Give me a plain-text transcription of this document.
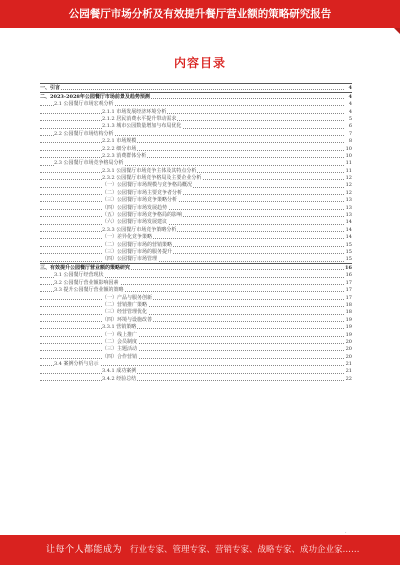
公园餐厅市场分析及有效提升餐厅营业额的策略研究报告
内容目录
一、引言	4
二、2023-2028年公园餐厅市场前景及趋势预测	4
2.1 公园餐厅市场宏观分析	4
2.1.1 市场发展经济环境分析	4
2.1.2 居民消费水平提升带动需求	5
2.1.3 城市公园数量增加与布局优化	6
2.2 公园餐厅市场结构分析	7
2.2.1 市场规模	8
2.2.2 细分市场	10
2.2.3 消费群体分析	10
2.3 公园餐厅市场竞争格局分析	11
2.3.1 公园餐厅市场竞争主体及其特点分析	11
2.3.2 公园餐厅市场竞争格局及主要企业分析	12
（一）公园餐厅市场规模与竞争格局概况	12
（二）公园餐厅市场主要竞争者分析	12
（三）公园餐厅市场竞争策略分析	13
（四）公园餐厅市场发展趋势	13
（五）公园餐厅市场竞争格局的影响	13
（六）公园餐厅市场发展建议	14
2.3.3 公园餐厅市场竞争策略分析	14
（一）差异化竞争策略	14
（二）公园餐厅市场的营销策略	15
（三）公园餐厅市场的服务提升	15
（四）公园餐厅市场管理	15
三、有效提升公园餐厅营业额的策略研究	16
3.1 公园餐厅经营现状	16
3.2 公园餐厅营业额影响因素	17
3.3 提升公园餐厅营业额的策略	17
（一）产品与服务创新	17
（二）营销推广策略	18
（三）经营管理优化	18
（四）环境与设施改善	19
3.3.1 营销策略	19
（一）线上推广	19
（二）会员制度	20
（三）主题活动	20
（四）合作营销	20
3.4 案例分析与启示	21
3.4.1 成功案例	21
3.4.2 经验总结	22
·
让每个人都能成为 行业专家、管理专家、营销专家、战略专家、成功企业家……
